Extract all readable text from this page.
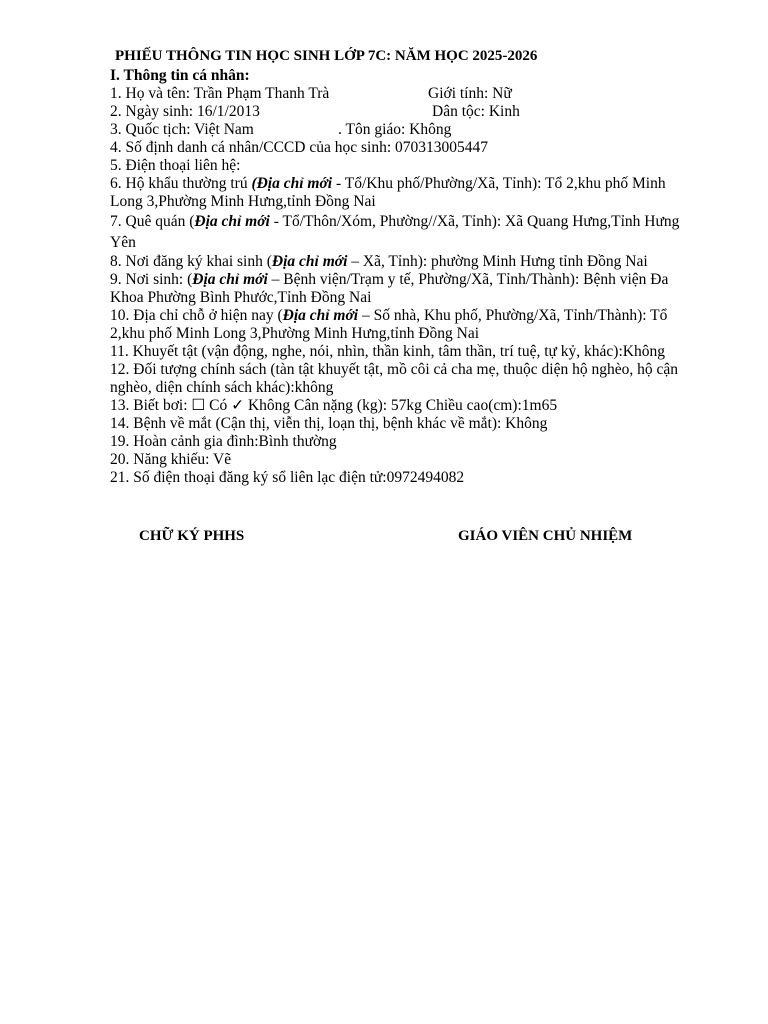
PHIẾU THÔNG TIN HỌC SINH LỚP 7C: NĂM HỌC 2025-2026
I. Thông tin cá nhân:
1. Họ và tên: Trần Phạm Thanh Trà	Giới tính: Nữ
2. Ngày sinh: 16/1/2013	Dân tộc: Kinh
3. Quốc tịch: Việt Nam	. Tôn giáo: Không
4. Số định danh cá nhân/CCCD của học sinh: 070313005447
5. Điện thoại liên hệ:
6. Hộ khẩu thường trú (Địa chỉ mới - Tổ/Khu phố/Phường/Xã, Tỉnh): Tổ 2,khu phố Minh Long 3,Phường Minh Hưng,tỉnh Đồng Nai
7. Quê quán (Địa chỉ mới - Tổ/Thôn/Xóm, Phường//Xã, Tỉnh): Xã Quang Hưng,Tỉnh Hưng Yên
8. Nơi đăng ký khai sinh (Địa chỉ mới – Xã, Tỉnh): phường Minh Hưng tỉnh Đồng Nai
9. Nơi sinh: (Địa chỉ mới – Bệnh viện/Trạm y tế, Phường/Xã, Tỉnh/Thành): Bệnh viện Đa Khoa Phường Bình Phước,Tỉnh Đồng Nai
10. Địa chỉ chỗ ở hiện nay (Địa chỉ mới – Số nhà, Khu phố, Phường/Xã, Tỉnh/Thành): Tổ 2,khu phố Minh Long 3,Phường Minh Hưng,tỉnh Đồng Nai
11. Khuyết tật (vận động, nghe, nói, nhìn, thần kinh, tâm thần, trí tuệ, tự kỷ, khác):Không
12. Đối tượng chính sách (tàn tật khuyết tật, mồ côi cả cha mẹ, thuộc diện hộ nghèo, hộ cận nghèo, diện chính sách khác):không
13. Biết bơi: ☐ Có ✓ Không Cân nặng (kg): 57kg Chiều cao(cm):1m65
14. Bệnh về mắt (Cận thị, viễn thị, loạn thị, bệnh khác về mắt): Không
19. Hoàn cảnh gia đình:Bình thường
20. Năng khiếu: Vẽ
21. Số điện thoại đăng ký sổ liên lạc điện tử:0972494082
CHỮ KÝ PHHS	GIÁO VIÊN CHỦ NHIỆM
